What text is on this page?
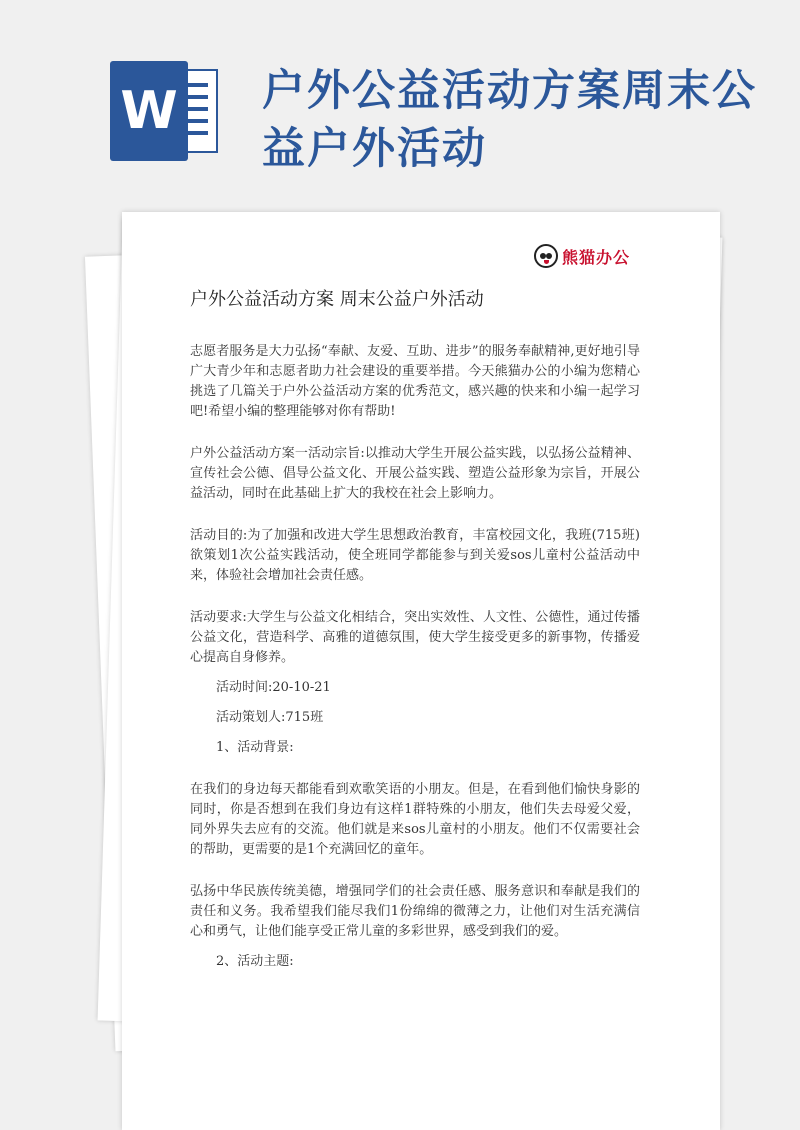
W 户外公益活动方案周末公益户外活动
熊猫办公
户外公益活动方案 周末公益户外活动

志愿者服务是大力弘扬“奉献、友爱、互助、进步”的服务奉献精神,更好地引导广大青少年和志愿者助力社会建设的重要举措。今天熊猫办公的小编为您精心挑选了几篇关于户外公益活动方案的优秀范文，感兴趣的快来和小编一起学习吧!希望小编的整理能够对你有帮助!

户外公益活动方案一活动宗旨:以推动大学生开展公益实践，以弘扬公益精神、宣传社会公德、倡导公益文化、开展公益实践、塑造公益形象为宗旨，开展公益活动，同时在此基础上扩大的我校在社会上影响力。

活动目的:为了加强和改进大学生思想政治教育，丰富校园文化，我班(715班)欲策划1次公益实践活动，使全班同学都能参与到关爱sos儿童村公益活动中来，体验社会增加社会责任感。

活动要求:大学生与公益文化相结合，突出实效性、人文性、公德性，通过传播公益文化，营造科学、高雅的道德氛围，使大学生接受更多的新事物，传播爱心提高自身修养。

活动时间:20-10-21

活动策划人:715班

1、活动背景:

在我们的身边每天都能看到欢歌笑语的小朋友。但是，在看到他们愉快身影的同时，你是否想到在我们身边有这样1群特殊的小朋友，他们失去母爱父爱，同外界失去应有的交流。他们就是来sos儿童村的小朋友。他们不仅需要社会的帮助，更需要的是1个充满回忆的童年。

弘扬中华民族传统美德，增强同学们的社会责任感、服务意识和奉献是我们的责任和义务。我希望我们能尽我们1份绵绵的微薄之力，让他们对生活充满信心和勇气，让他们能享受正常儿童的多彩世界，感受到我们的爱。

2、活动主题:
